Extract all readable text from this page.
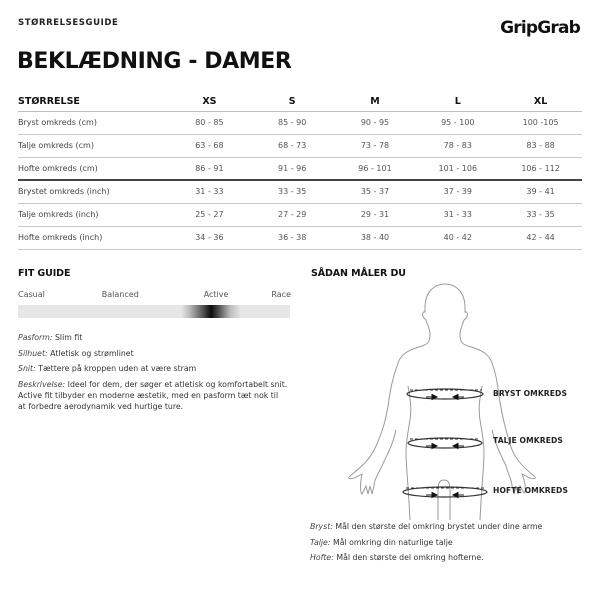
STØRRELSESGUIDE	GripGrab
BEKLÆDNING - DAMER
STØRRELSE	XS	S	M	L	XL
Bryst omkreds (cm)	80 - 85	85 - 90	90 - 95	95 - 100	100 -105
Talje omkreds (cm)	63 - 68	68 - 73	73 - 78	78 - 83	83 - 88
Hofte omkreds (cm)	86 - 91	91 - 96	96 - 101	101 - 106	106 - 112
Brystet omkreds (inch)	31 - 33	33 - 35	35 - 37	37 - 39	39 - 41
Talje omkreds (inch)	25 - 27	27 - 29	29 - 31	31 - 33	33 - 35
Hofte omkreds (inch)	34 - 36	36 - 38	38 - 40	40 - 42	42 - 44
FIT GUIDE
Casual	Balanced	Active	Race

Pasform: Slim fit

Silhuet: Atletisk og strømlinet

Snit: Tættere på kroppen uden at være stram

Beskrivelse: Ideel for dem, der søger et atletisk og komfortabelt snit. Active fit tilbyder en moderne æstetik, med en pasform tæt nok til at forbedre aerodynamik ved hurtige ture.

SÅDAN MÅLER DU
BRYST OMKREDS
TALJE OMKREDS
HOFTE OMKREDS

Bryst: Mål den største del omkring brystet under dine arme

Talje: Mål omkring din naturlige talje

Hofte: Mål den største del omkring hofterne.
